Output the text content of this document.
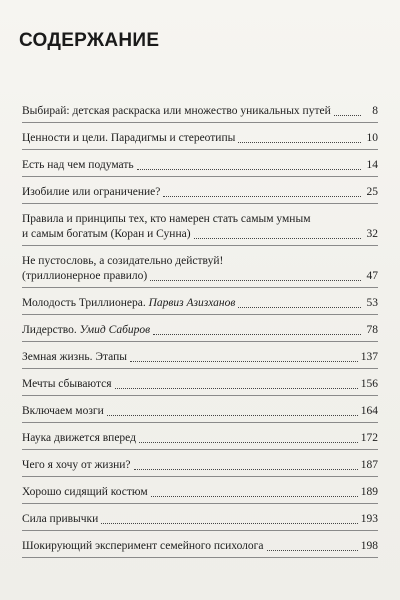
СОДЕРЖАНИЕ
Выбирай: детская раскраска или множество уникальных путей	8
Ценности и цели. Парадигмы и стереотипы	10
Есть над чем подумать	14
Изобилие или ограничение?	25
Правила и принципы тех, кто намерен стать самым умным
и самым богатым (Коран и Сунна)	32
Не пустословь, а созидательно действуй!
(триллионерное правило)	47
Молодость Триллионера. Парвиз Азизханов	53
Лидерство. Умид Сабиров	78
Земная жизнь. Этапы	137
Мечты сбываются	156
Включаем мозги	164
Наука движется вперед	172
Чего я хочу от жизни?	187
Хорошо сидящий костюм	189
Сила привычки	193
Шокирующий эксперимент семейного психолога	198
